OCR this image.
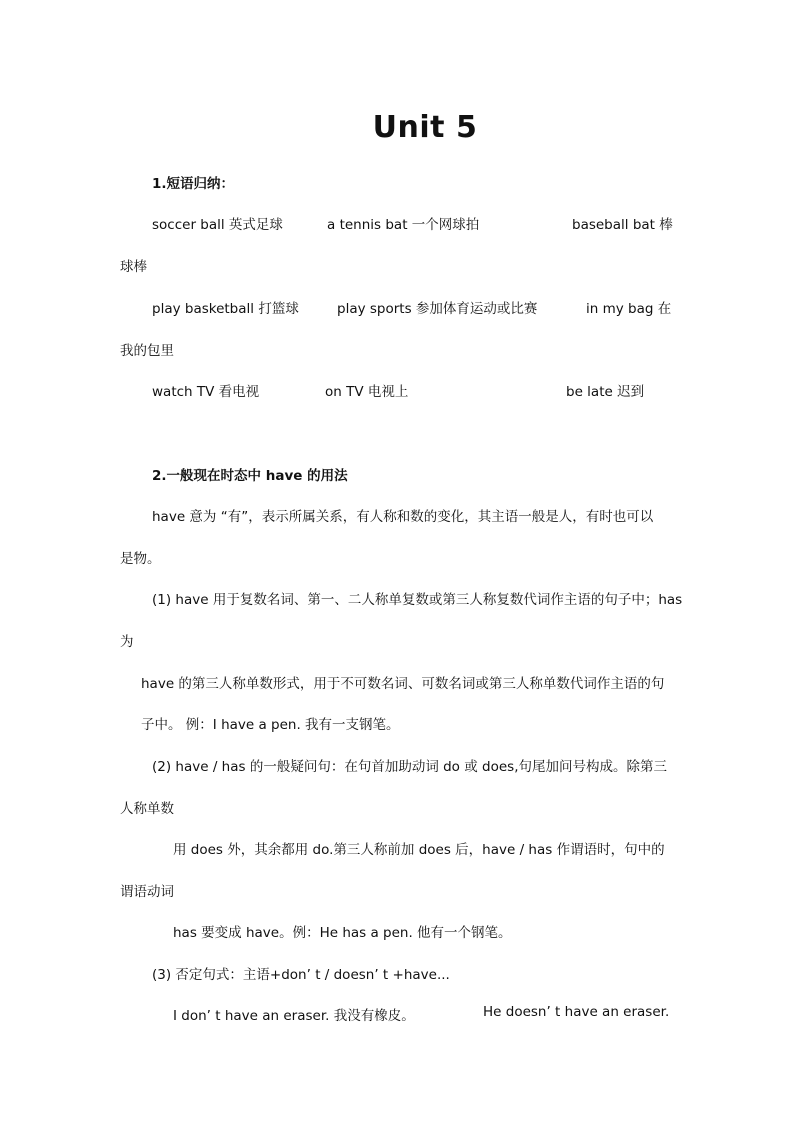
Unit 5
1.短语归纳：
soccer ball 英式足球	a tennis bat 一个网球拍	baseball bat 棒
球棒
play basketball 打篮球	play sports 参加体育运动或比赛	in my bag 在
我的包里
watch TV 看电视	on TV 电视上	be late 迟到
2.一般现在时态中 have 的用法
have 意为 “有”，表示所属关系，有人称和数的变化，其主语一般是人，有时也可以
是物。
(1) have 用于复数名词、第一、二人称单复数或第三人称复数代词作主语的句子中；has
为
have 的第三人称单数形式，用于不可数名词、可数名词或第三人称单数代词作主语的句
子中。 例：I have a pen. 我有一支钢笔。
(2) have / has 的一般疑问句：在句首加助动词 do 或 does,句尾加问号构成。除第三
人称单数
用 does 外，其余都用 do.第三人称前加 does 后，have / has 作谓语时，句中的
谓语动词
has 要变成 have。例：He has a pen. 他有一个钢笔。
(3) 否定句式：主语+don’ t / doesn’ t +have...
I don’ t have an eraser. 我没有橡皮。	He doesn’ t have an eraser.
